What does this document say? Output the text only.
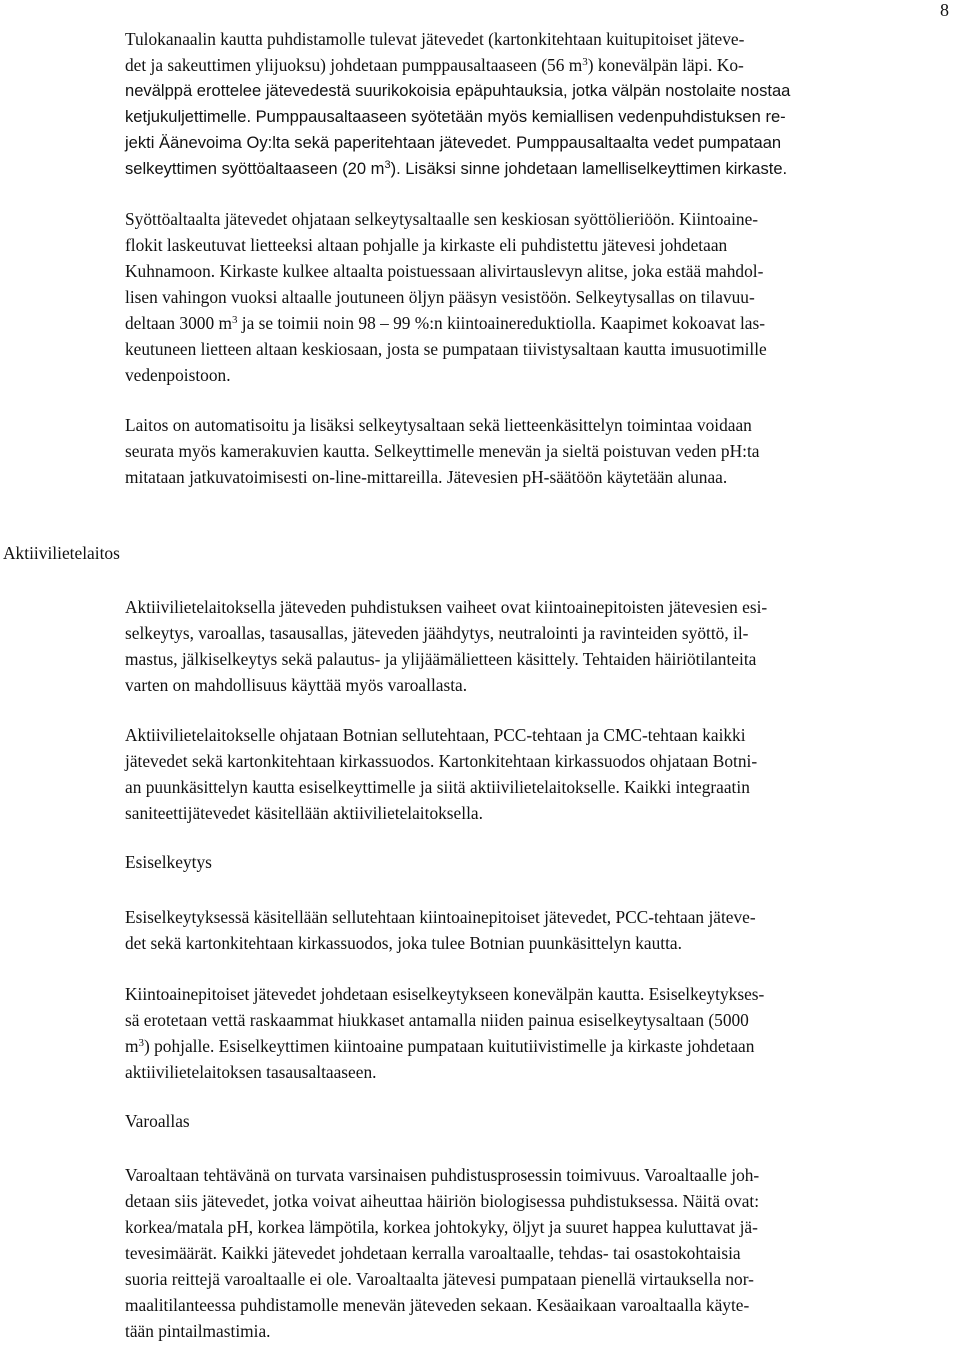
8
Tulokanaalin kautta puhdistamolle tulevat jätevedet (kartonkitehtaan kuitupitoiset jäteve-
det ja sakeuttimen ylijuoksu) johdetaan pumppausaltaaseen (56 $m^3$) konevälpän läpi. Ko-
nevälppä erottelee jätevedestä suurikokoisia epäpuhtauksia, jotka välpän nostolaite nostaa
ketjukuljettimelle. Pumppausaltaaseen syötetään myös kemiallisen vedenpuhdistuksen re-
jekti Äänevoima Oy:lta sekä paperitehtaan jätevedet. Pumppausaltaalta vedet pumpataan
selkeyttimen syöttöaltaaseen (20 $m^3$). Lisäksi sinne johdetaan lamelliselkeyttimen kirkaste.
Syöttöaltaalta jätevedet ohjataan selkeytysaltaalle sen keskiosan syöttölieriöön. Kiintoaine-
flokit laskeutuvat lietteeksi altaan pohjalle ja kirkaste eli puhdistettu jätevesi johdetaan
Kuhnamoon. Kirkaste kulkee altaalta poistuessaan alivirtauslevyn alitse, joka estää mahdol-
lisen vahingon vuoksi altaalle joutuneen öljyn pääsyn vesistöön. Selkeytysallas on tilavuu-
deltaan 3000 $m^3$ ja se toimii noin 98 – 99 %:n kiintoainereduktiolla. Kaapimet kokoavat las-
keutuneen lietteen altaan keskiosaan, josta se pumpataan tiivistysaltaan kautta imusuotimille
vedenpoistoon.
Laitos on automatisoitu ja lisäksi selkeytysaltaan sekä lietteenkäsittelyn toimintaa voidaan
seurata myös kamerakuvien kautta. Selkeyttimelle menevän ja sieltä poistuvan veden pH:ta
mitataan jatkuvatoimisesti on-line-mittareilla. Jätevesien pH-säätöön käytetään alunaa.
Aktiivilietelaitos
Aktiivilietelaitoksella jäteveden puhdistuksen vaiheet ovat kiintoainepitoisten jätevesien esi-
selkeytys, varoallas, tasausallas, jäteveden jäähdytys, neutralointi ja ravinteiden syöttö, il-
mastus, jälkiselkeytys sekä palautus- ja ylijäämälietteen käsittely. Tehtaiden häiriötilanteita
varten on mahdollisuus käyttää myös varoallasta.
Aktiivilietelaitokselle ohjataan Botnian sellutehtaan, PCC-tehtaan ja CMC-tehtaan kaikki
jätevedet sekä kartonkitehtaan kirkassuodos. Kartonkitehtaan kirkassuodos ohjataan Botni-
an puunkäsittelyn kautta esiselkeyttimelle ja siitä aktiivilietelaitokselle. Kaikki integraatin
saniteettijätevedet käsitellään aktiivilietelaitoksella.
Esiselkeytys
Esiselkeytyksessä käsitellään sellutehtaan kiintoainepitoiset jätevedet, PCC-tehtaan jäteve-
det sekä kartonkitehtaan kirkassuodos, joka tulee Botnian puunkäsittelyn kautta.
Kiintoainepitoiset jätevedet johdetaan esiselkeytykseen konevälpän kautta. Esiselkeytykses-
sä erotetaan vettä raskaammat hiukkaset antamalla niiden painua esiselkeytysaltaan (5000
$m^3$) pohjalle. Esiselkeyttimen kiintoaine pumpataan kuitutiivistimelle ja kirkaste johdetaan
aktiivilietelaitoksen tasausaltaaseen.
Varoallas
Varoaltaan tehtävänä on turvata varsinaisen puhdistusprosessin toimivuus. Varoaltaalle joh-
detaan siis jätevedet, jotka voivat aiheuttaa häiriön biologisessa puhdistuksessa. Näitä ovat:
korkea/matala pH, korkea lämpötila, korkea johtokyky, öljyt ja suuret happea kuluttavat jä-
tevesimäärät. Kaikki jätevedet johdetaan kerralla varoaltaalle, tehdas- tai osastokohtaisia
suoria reittejä varoaltaalle ei ole. Varoaltaalta jätevesi pumpataan pienellä virtauksella nor-
maalitilanteessa puhdistamolle menevän jäteveden sekaan. Kesäaikaan varoaltaalla käyte-
tään pintailmastimia.
